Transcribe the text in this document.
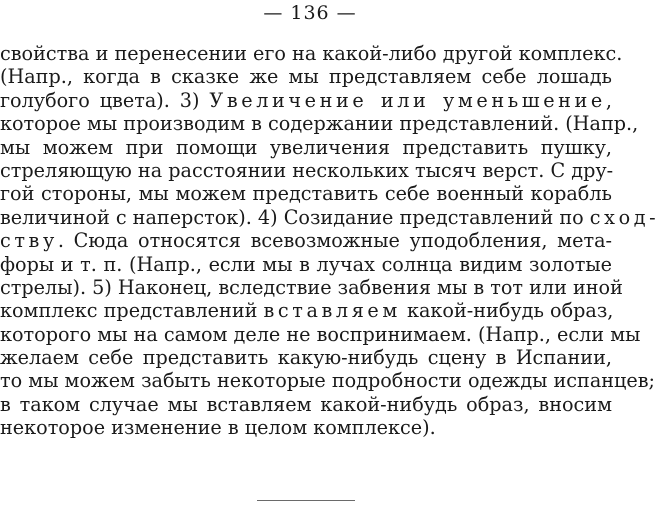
— 136 —
свойства и перенесении его на какой-либо другой комплекс.
(Напр., когда в сказке же мы представляем себе лошадь
голубого цвета). 3) Увеличение или уменьшение,
которое мы производим в содержании представлений. (Напр.,
мы можем при помощи увеличения представить пушку,
стреляющую на расстоянии нескольких тысяч верст. С дру-
гой стороны, мы можем представить себе военный корабль
величиной с наперсток). 4) Созидание представлений по сход-
ству. Сюда относятся всевозможные уподобления, мета-
форы и т. п. (Напр., если мы в лучах солнца видим золотые
стрелы). 5) Наконец, вследствие забвения мы в тот или иной
комплекс представлений вставляем какой-нибудь образ,
которого мы на самом деле не воспринимаем. (Напр., если мы
желаем себе представить какую-нибудь сцену в Испании,
то мы можем забыть некоторые подробности одежды испанцев;
в таком случае мы вставляем какой-нибудь образ, вносим
некоторое изменение в целом комплексе).
